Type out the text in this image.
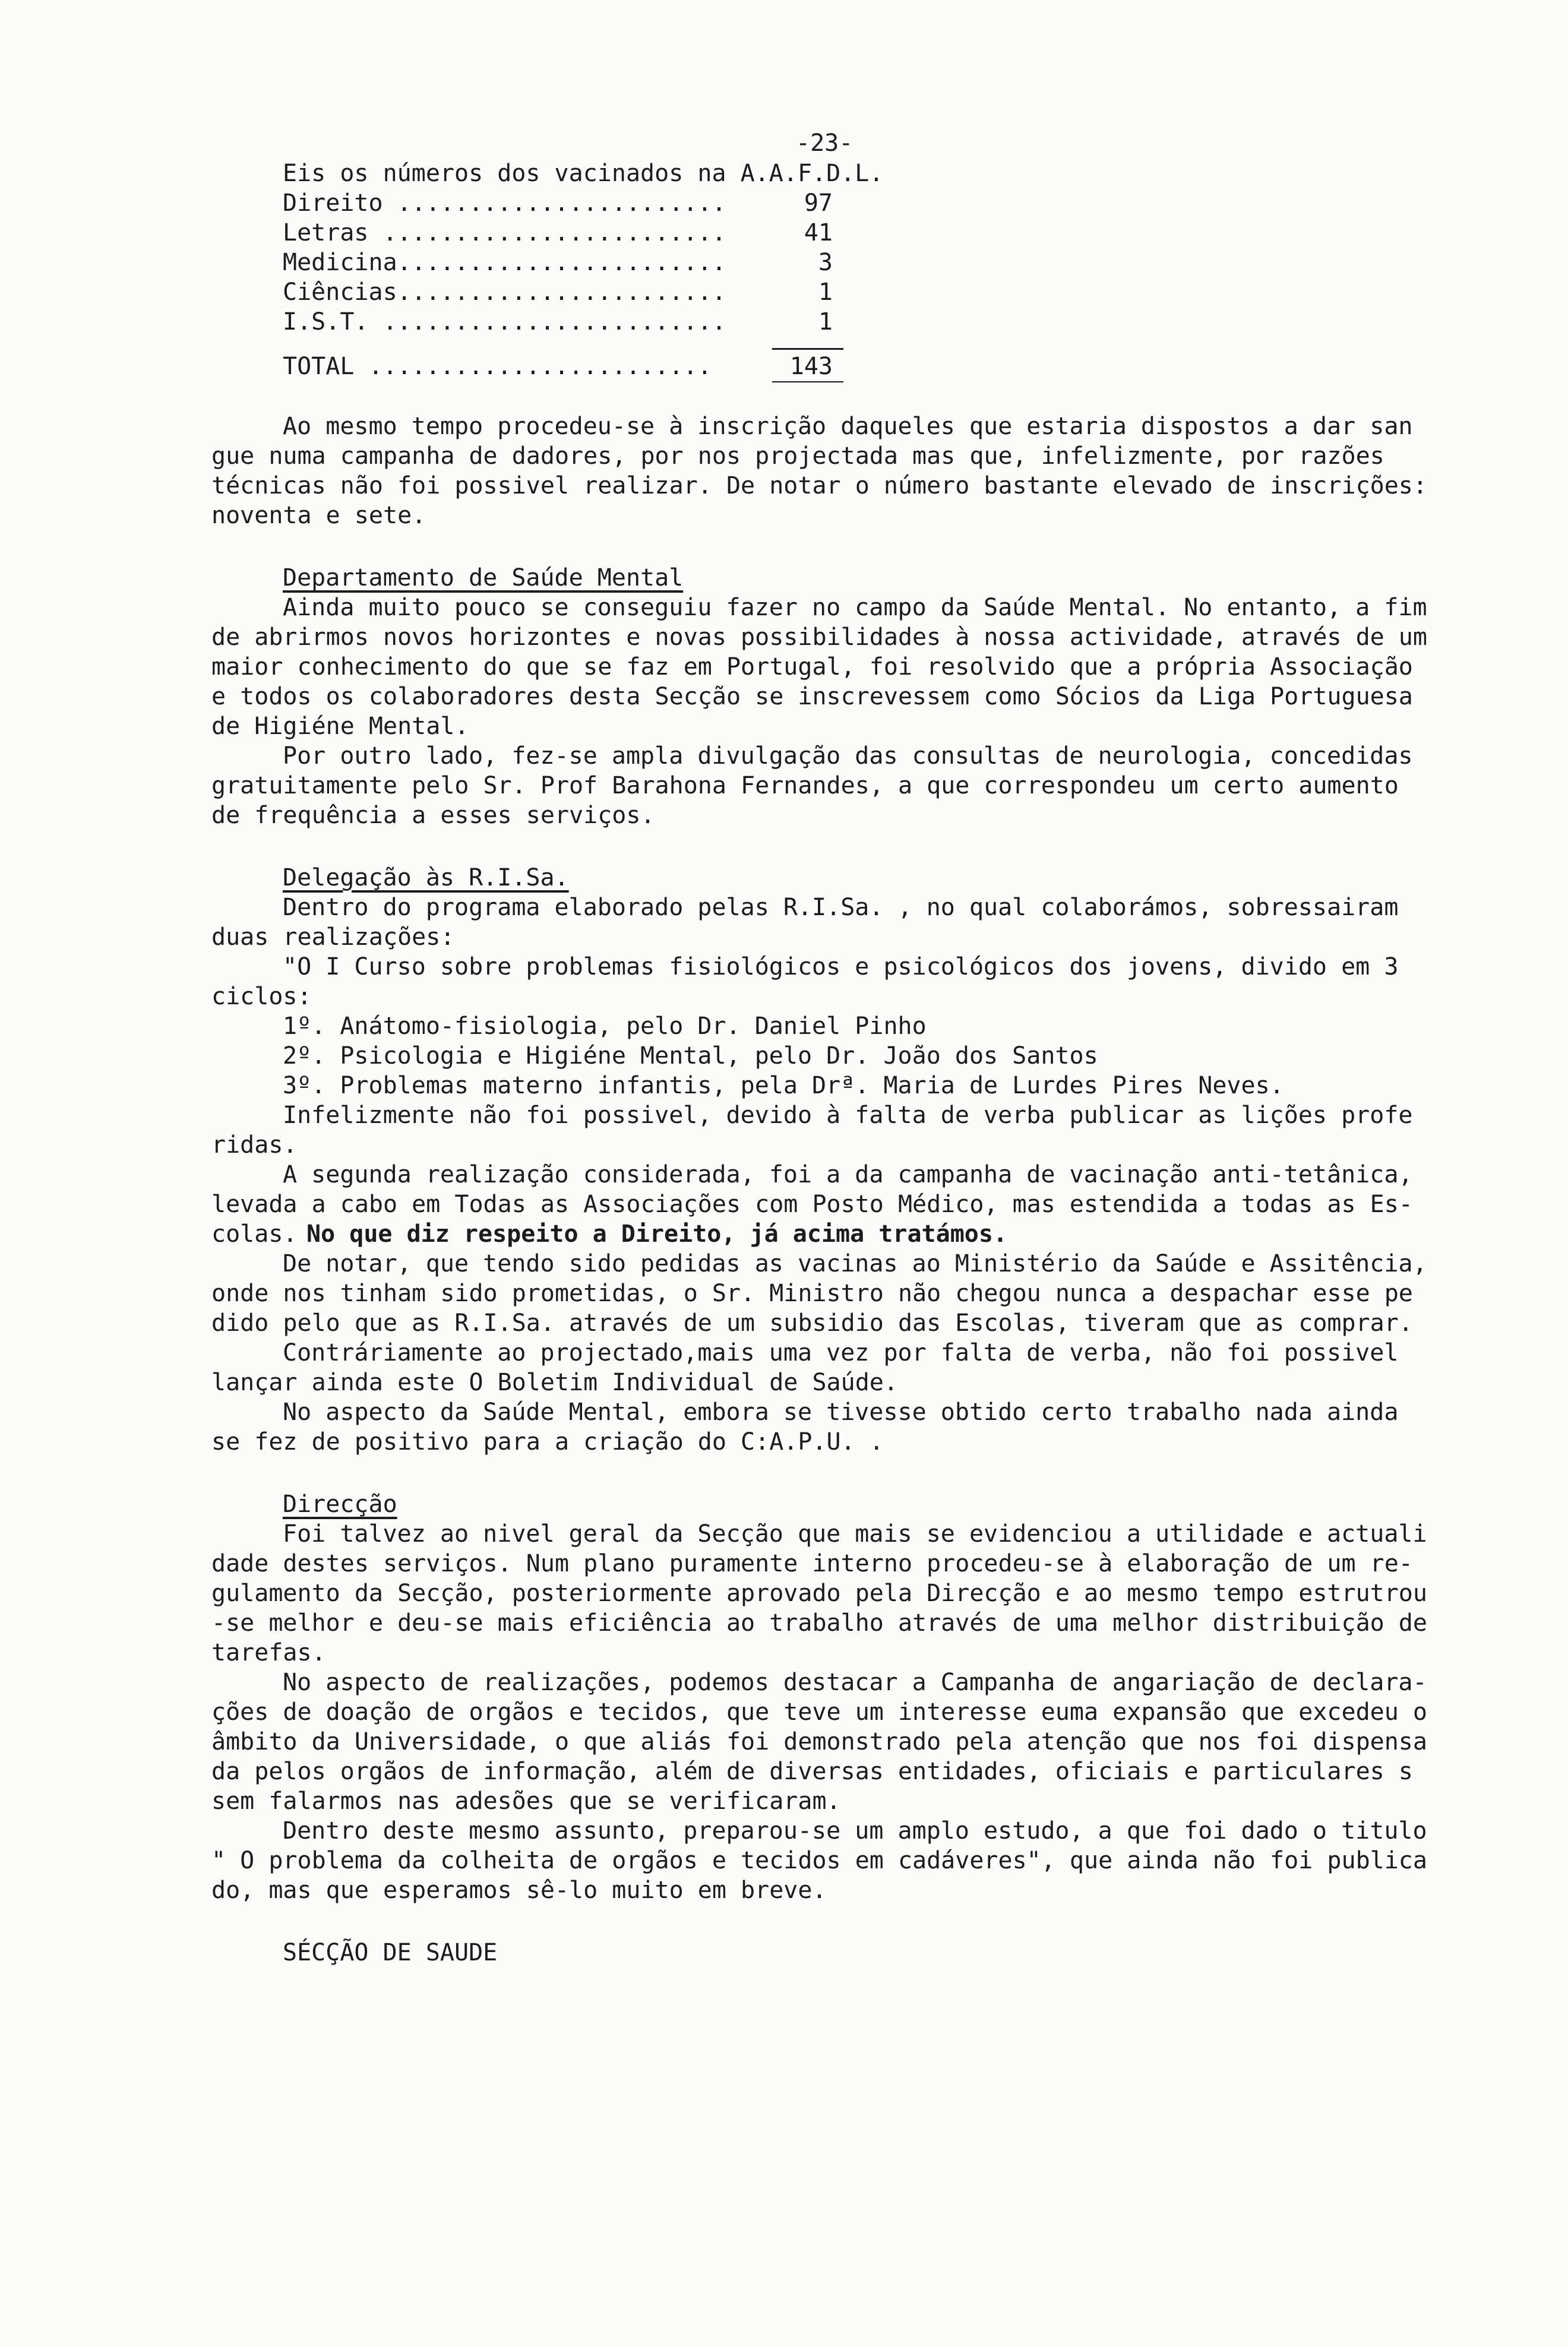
-23-
Eis os números dos vacinados na A.A.F.D.L.
Direito .......................	97
Letras ........................	41
Medicina.......................	3
Ciências.......................	1
I.S.T. ........................	1
TOTAL ........................	143
Ao mesmo tempo procedeu-se à inscrição daqueles que estaria dispostos a dar san
gue numa campanha de dadores, por nos projectada mas que, infelizmente, por razões
técnicas não foi possivel realizar. De notar o número bastante elevado de inscrições:
noventa e sete.
Departamento de Saúde Mental
Ainda muito pouco se conseguiu fazer no campo da Saúde Mental. No entanto, a fim
de abrirmos novos horizontes e novas possibilidades à nossa actividade, através de um
maior conhecimento do que se faz em Portugal, foi resolvido que a própria Associação
e todos os colaboradores desta Secção se inscrevessem como Sócios da Liga Portuguesa
de Higiéne Mental.
Por outro lado, fez-se ampla divulgação das consultas de neurologia, concedidas
gratuitamente pelo Sr. Prof Barahona Fernandes, a que correspondeu um certo aumento
de frequência a esses serviços.
Delegação às R.I.Sa.
Dentro do programa elaborado pelas R.I.Sa. , no qual colaborámos, sobressairam
duas realizações:
"O I Curso sobre problemas fisiológicos e psicológicos dos jovens, divido em 3
ciclos:
1º. Anátomo-fisiologia, pelo Dr. Daniel Pinho
2º. Psicologia e Higiéne Mental, pelo Dr. João dos Santos
3º. Problemas materno infantis, pela Drª. Maria de Lurdes Pires Neves.
Infelizmente não foi possivel, devido à falta de verba publicar as lições profe
ridas.
A segunda realização considerada, foi a da campanha de vacinação anti-tetânica,
levada a cabo em Todas as Associações com Posto Médico, mas estendida a todas as Es-
colas. No que diz respeito a Direito, já acima tratámos.
De notar, que tendo sido pedidas as vacinas ao Ministério da Saúde e Assitência,
onde nos tinham sido prometidas, o Sr. Ministro não chegou nunca a despachar esse pe
dido pelo que as R.I.Sa. através de um subsidio das Escolas, tiveram que as comprar.
Contráriamente ao projectado,mais uma vez por falta de verba, não foi possivel
lançar ainda este O Boletim Individual de Saúde.
No aspecto da Saúde Mental, embora se tivesse obtido certo trabalho nada ainda
se fez de positivo para a criação do C:A.P.U. .
Direcção
Foi talvez ao nivel geral da Secção que mais se evidenciou a utilidade e actuali
dade destes serviços. Num plano puramente interno procedeu-se à elaboração de um re-
gulamento da Secção, posteriormente aprovado pela Direcção e ao mesmo tempo estrutrou
-se melhor e deu-se mais eficiência ao trabalho através de uma melhor distribuição de
tarefas.
No aspecto de realizações, podemos destacar a Campanha de angariação de declara-
ções de doação de orgãos e tecidos, que teve um interesse euma expansão que excedeu o
âmbito da Universidade, o que aliás foi demonstrado pela atenção que nos foi dispensa
da pelos orgãos de informação, além de diversas entidades, oficiais e particulares s
sem falarmos nas adesões que se verificaram.
Dentro deste mesmo assunto, preparou-se um amplo estudo, a que foi dado o titulo
" O problema da colheita de orgãos e tecidos em cadáveres", que ainda não foi publica
do, mas que esperamos sê-lo muito em breve.
SÉCÇÃO DE SAUDE
